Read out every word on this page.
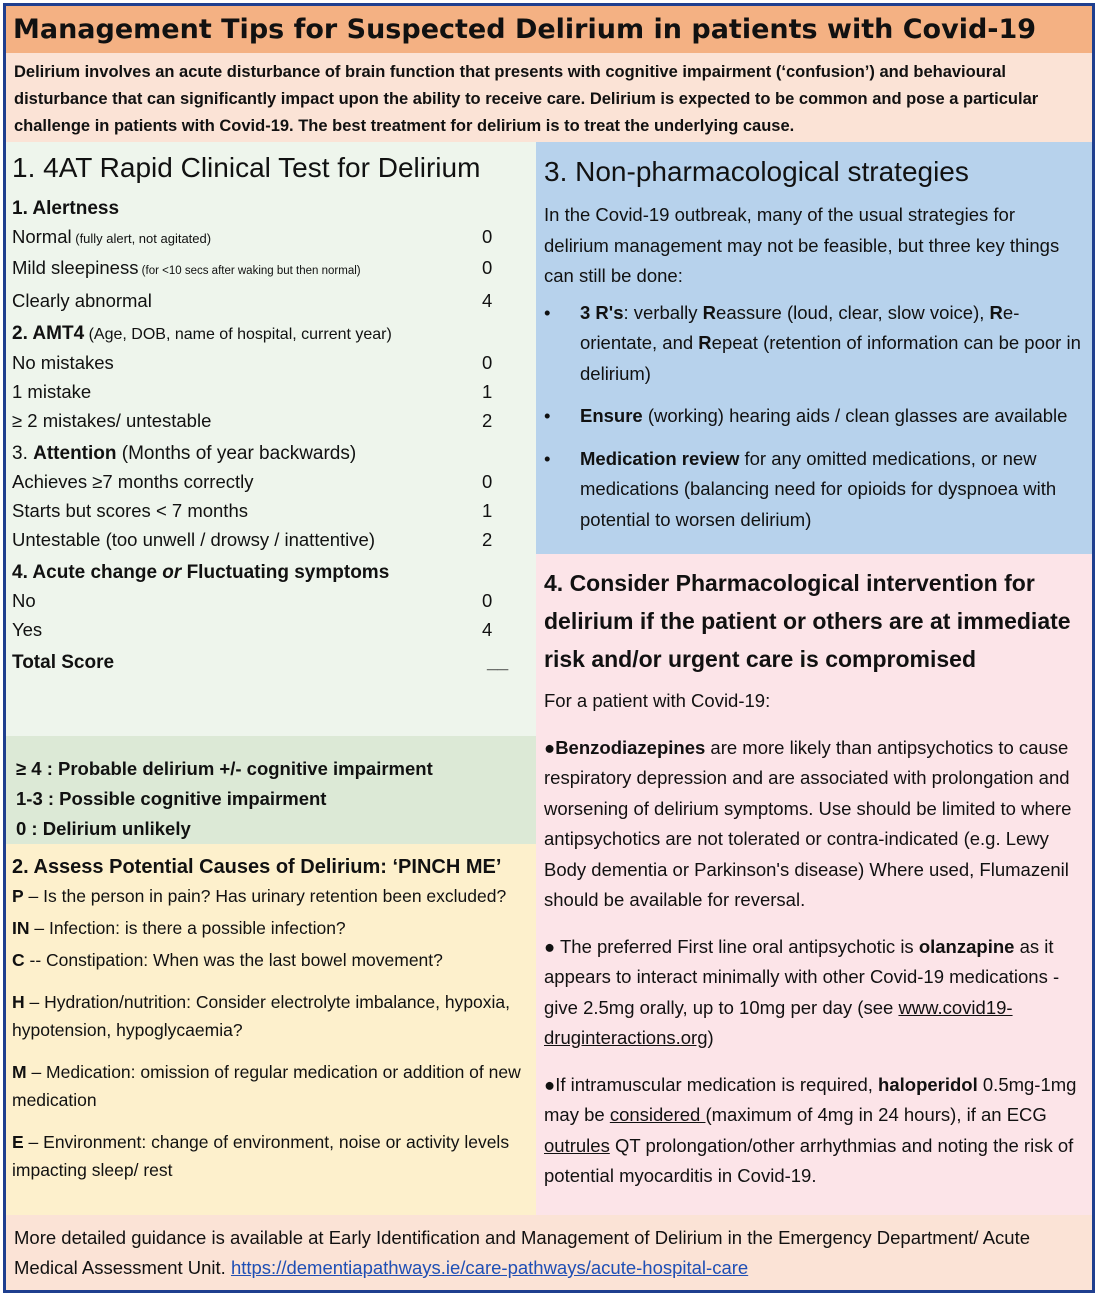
Management Tips for Suspected Delirium in patients with Covid-19
Delirium involves an acute disturbance of brain function that presents with cognitive impairment (‘confusion’) and behavioural disturbance that can significantly impact upon the ability to receive care. Delirium is expected to be common and pose a particular challenge in patients with Covid-19. The best treatment for delirium is to treat the underlying cause.
1. 4AT Rapid Clinical Test for Delirium
1. Alertness
Normal (fully alert, not agitated)	0
Mild sleepiness (for <10 secs after waking but then normal)	0
Clearly abnormal	4
2. AMT4 (Age, DOB, name of hospital, current year)
No mistakes	0
1 mistake	1
≥ 2 mistakes/ untestable	2
3. Attention (Months of year backwards)
Achieves ≥7 months correctly	0
Starts but scores < 7 months	1
Untestable (too unwell / drowsy / inattentive)	2
4. Acute change or Fluctuating symptoms
No	0
Yes	4
Total Score	__
≥ 4 : Probable delirium +/- cognitive impairment
1-3 : Possible cognitive impairment
0 : Delirium unlikely
2. Assess Potential Causes of Delirium: ‘PINCH ME’
P – Is the person in pain? Has urinary retention been excluded?
IN – Infection: is there a possible infection?

C -- Constipation: When was the last bowel movement?

H – Hydration/nutrition: Consider electrolyte imbalance, hypoxia, hypotension, hypoglycaemia?

M – Medication: omission of regular medication or addition of new medication

E – Environment: change of environment, noise or activity levels impacting sleep/ rest

3. Non-pharmacological strategies
In the Covid-19 outbreak, many of the usual strategies for delirium management may not be feasible, but three key things can still be done:
•	3 R's: verbally Reassure (loud, clear, slow voice), Re-orientate, and Repeat (retention of information can be poor in delirium)
•	Ensure (working) hearing aids / clean glasses are available
•	Medication review for any omitted medications, or new medications (balancing need for opioids for dyspnoea with potential to worsen delirium)
4. Consider Pharmacological intervention for delirium if the patient or others are at immediate risk and/or urgent care is compromised

For a patient with Covid-19:

●Benzodiazepines are more likely than antipsychotics to cause respiratory depression and are associated with prolongation and worsening of delirium symptoms. Use should be limited to where antipsychotics are not tolerated or contra-indicated (e.g. Lewy Body dementia or Parkinson's disease) Where used, Flumazenil should be available for reversal.

● The preferred First line oral antipsychotic is olanzapine as it appears to interact minimally with other Covid-19 medications - give 2.5mg orally, up to 10mg per day (see www.covid19-druginteractions.org)

●If intramuscular medication is required, haloperidol 0.5mg-1mg may be considered (maximum of 4mg in 24 hours), if an ECG outrules QT prolongation/other arrhythmias and noting the risk of potential myocarditis in Covid-19.

More detailed guidance is available at Early Identification and Management of Delirium in the Emergency Department/ Acute Medical Assessment Unit. https://dementiapathways.ie/care-pathways/acute-hospital-care
